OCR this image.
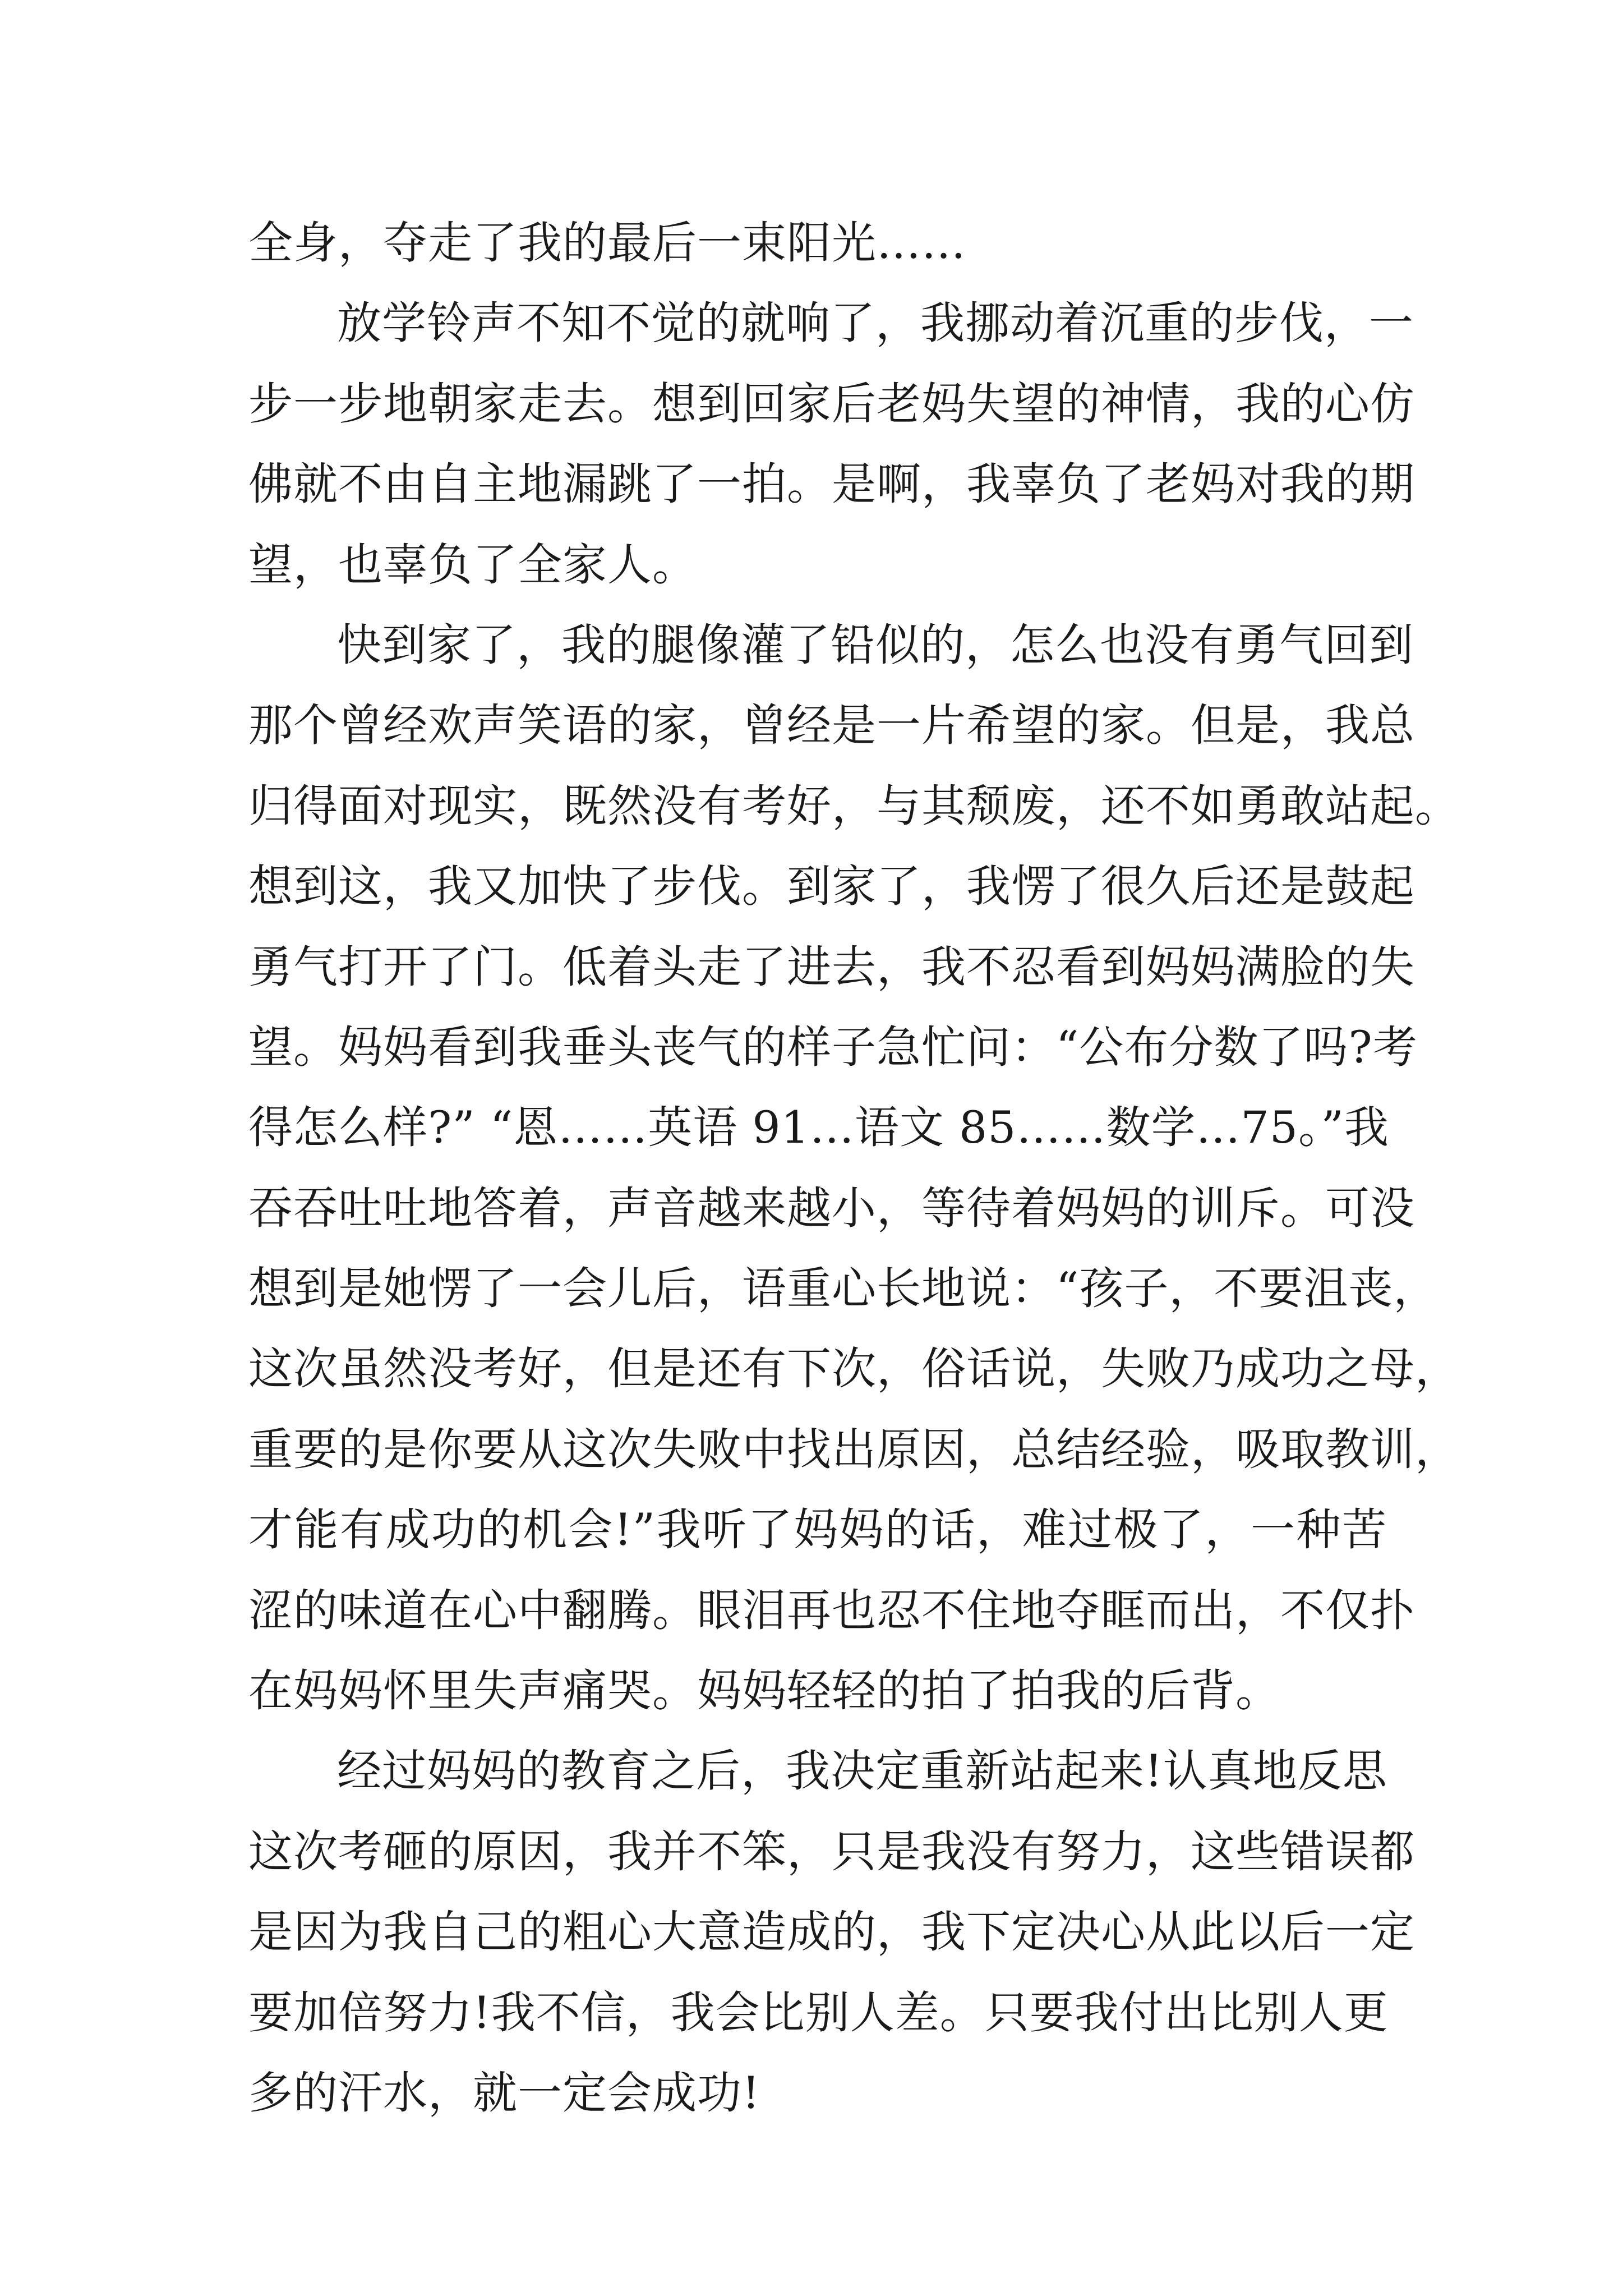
全身，夺走了我的最后一束阳光……
放学铃声不知不觉的就响了，我挪动着沉重的步伐，一
步一步地朝家走去。想到回家后老妈失望的神情，我的心仿
佛就不由自主地漏跳了一拍。是啊，我辜负了老妈对我的期
望，也辜负了全家人。
快到家了，我的腿像灌了铅似的，怎么也没有勇气回到
那个曾经欢声笑语的家，曾经是一片希望的家。但是，我总
归得面对现实，既然没有考好，与其颓废，还不如勇敢站起。
想到这，我又加快了步伐。到家了，我愣了很久后还是鼓起
勇气打开了门。低着头走了进去，我不忍看到妈妈满脸的失
望。妈妈看到我垂头丧气的样子急忙问：“公布分数了吗?考
得怎么样?” “恩……英语 91…语文 85……数学…75。”我
吞吞吐吐地答着，声音越来越小，等待着妈妈的训斥。可没
想到是她愣了一会儿后，语重心长地说：“孩子，不要沮丧，
这次虽然没考好，但是还有下次，俗话说，失败乃成功之母，
重要的是你要从这次失败中找出原因，总结经验，吸取教训，
才能有成功的机会!”我听了妈妈的话，难过极了，一种苦
涩的味道在心中翻腾。眼泪再也忍不住地夺眶而出，不仅扑
在妈妈怀里失声痛哭。妈妈轻轻的拍了拍我的后背。
经过妈妈的教育之后，我决定重新站起来!认真地反思
这次考砸的原因，我并不笨，只是我没有努力，这些错误都
是因为我自己的粗心大意造成的，我下定决心从此以后一定
要加倍努力!我不信，我会比别人差。只要我付出比别人更
多的汗水，就一定会成功!
